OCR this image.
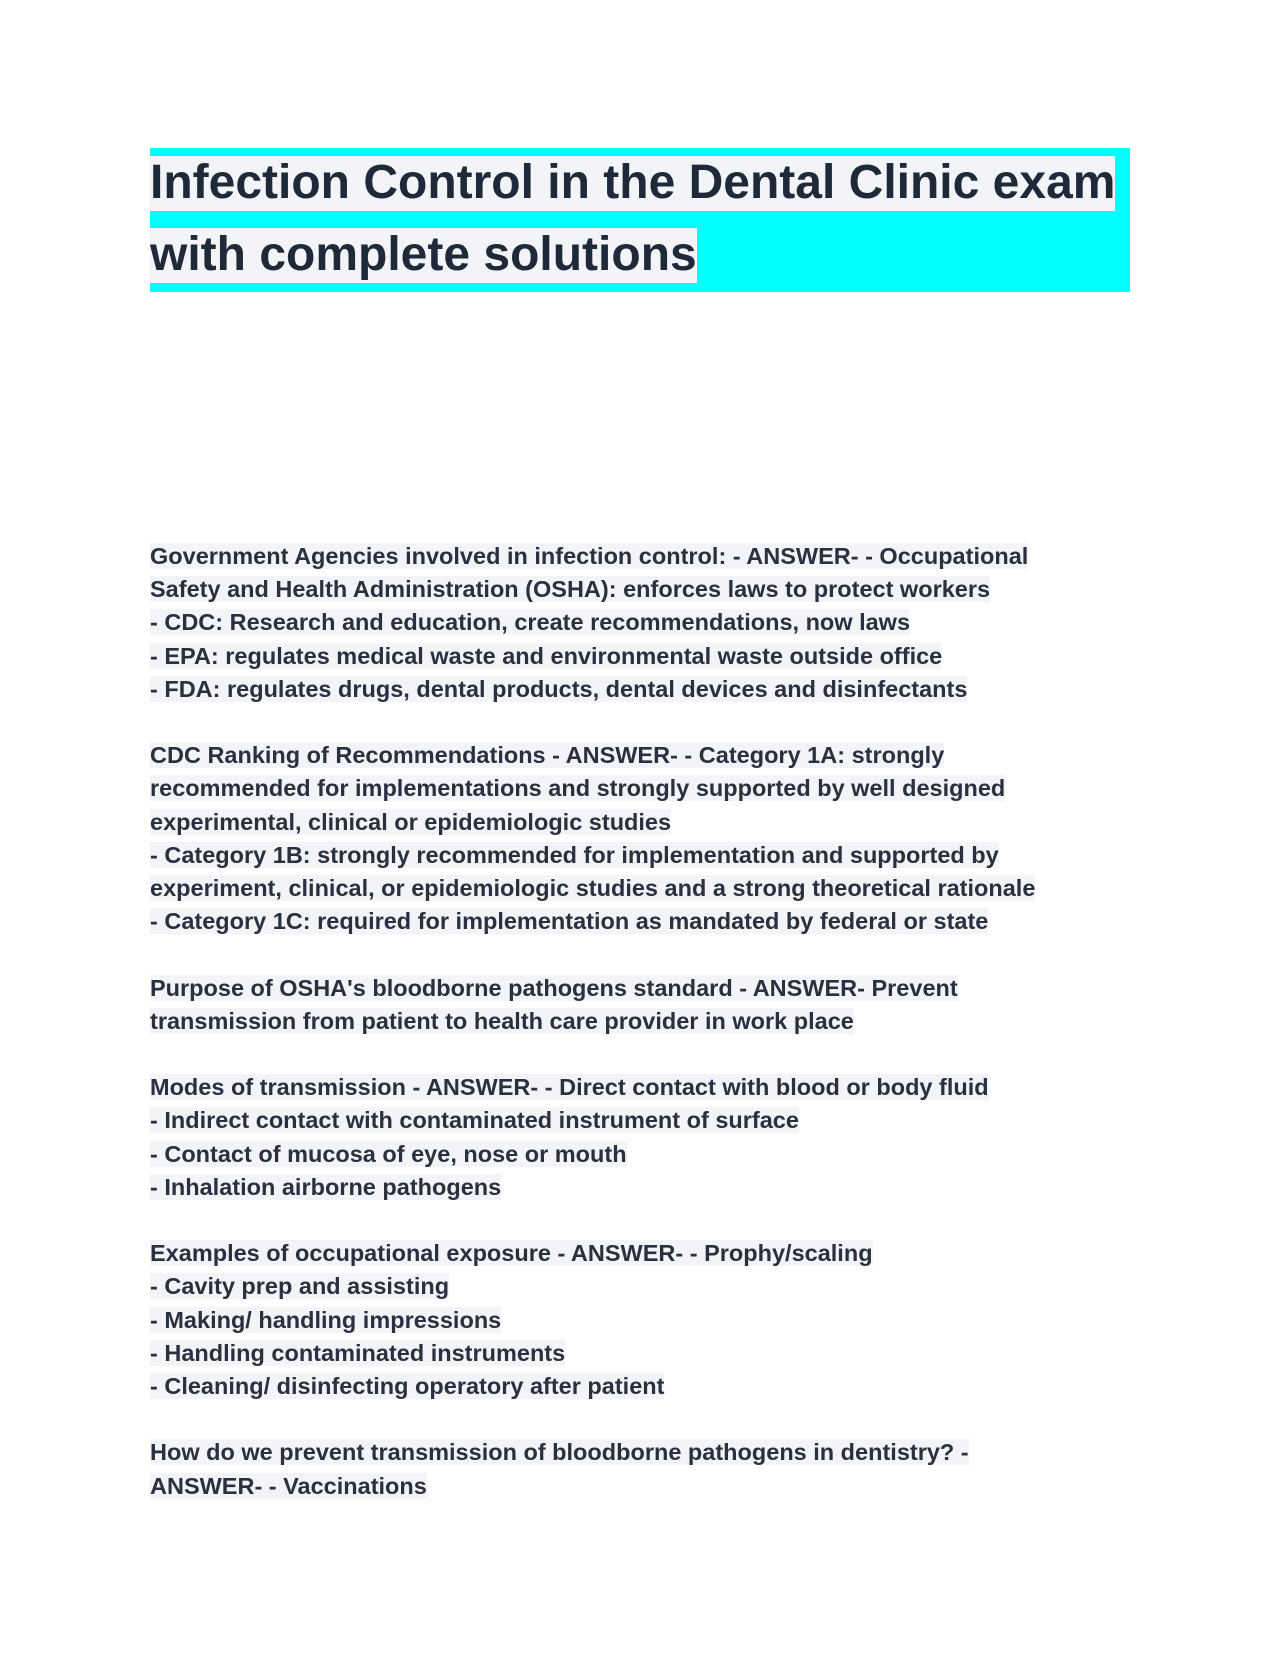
Infection Control in the Dental Clinic exam
with complete solutions

Government Agencies involved in infection control: - ANSWER- - Occupational
Safety and Health Administration (OSHA): enforces laws to protect workers
- CDC: Research and education, create recommendations, now laws
- EPA: regulates medical waste and environmental waste outside office
- FDA: regulates drugs, dental products, dental devices and disinfectants

CDC Ranking of Recommendations - ANSWER- - Category 1A: strongly
recommended for implementations and strongly supported by well designed
experimental, clinical or epidemiologic studies
- Category 1B: strongly recommended for implementation and supported by
experiment, clinical, or epidemiologic studies and a strong theoretical rationale
- Category 1C: required for implementation as mandated by federal or state

Purpose of OSHA's bloodborne pathogens standard - ANSWER- Prevent
transmission from patient to health care provider in work place

Modes of transmission - ANSWER- - Direct contact with blood or body fluid
- Indirect contact with contaminated instrument of surface
- Contact of mucosa of eye, nose or mouth
- Inhalation airborne pathogens

Examples of occupational exposure - ANSWER- - Prophy/scaling
- Cavity prep and assisting
- Making/ handling impressions
- Handling contaminated instruments
- Cleaning/ disinfecting operatory after patient

How do we prevent transmission of bloodborne pathogens in dentistry? -
ANSWER- - Vaccinations
